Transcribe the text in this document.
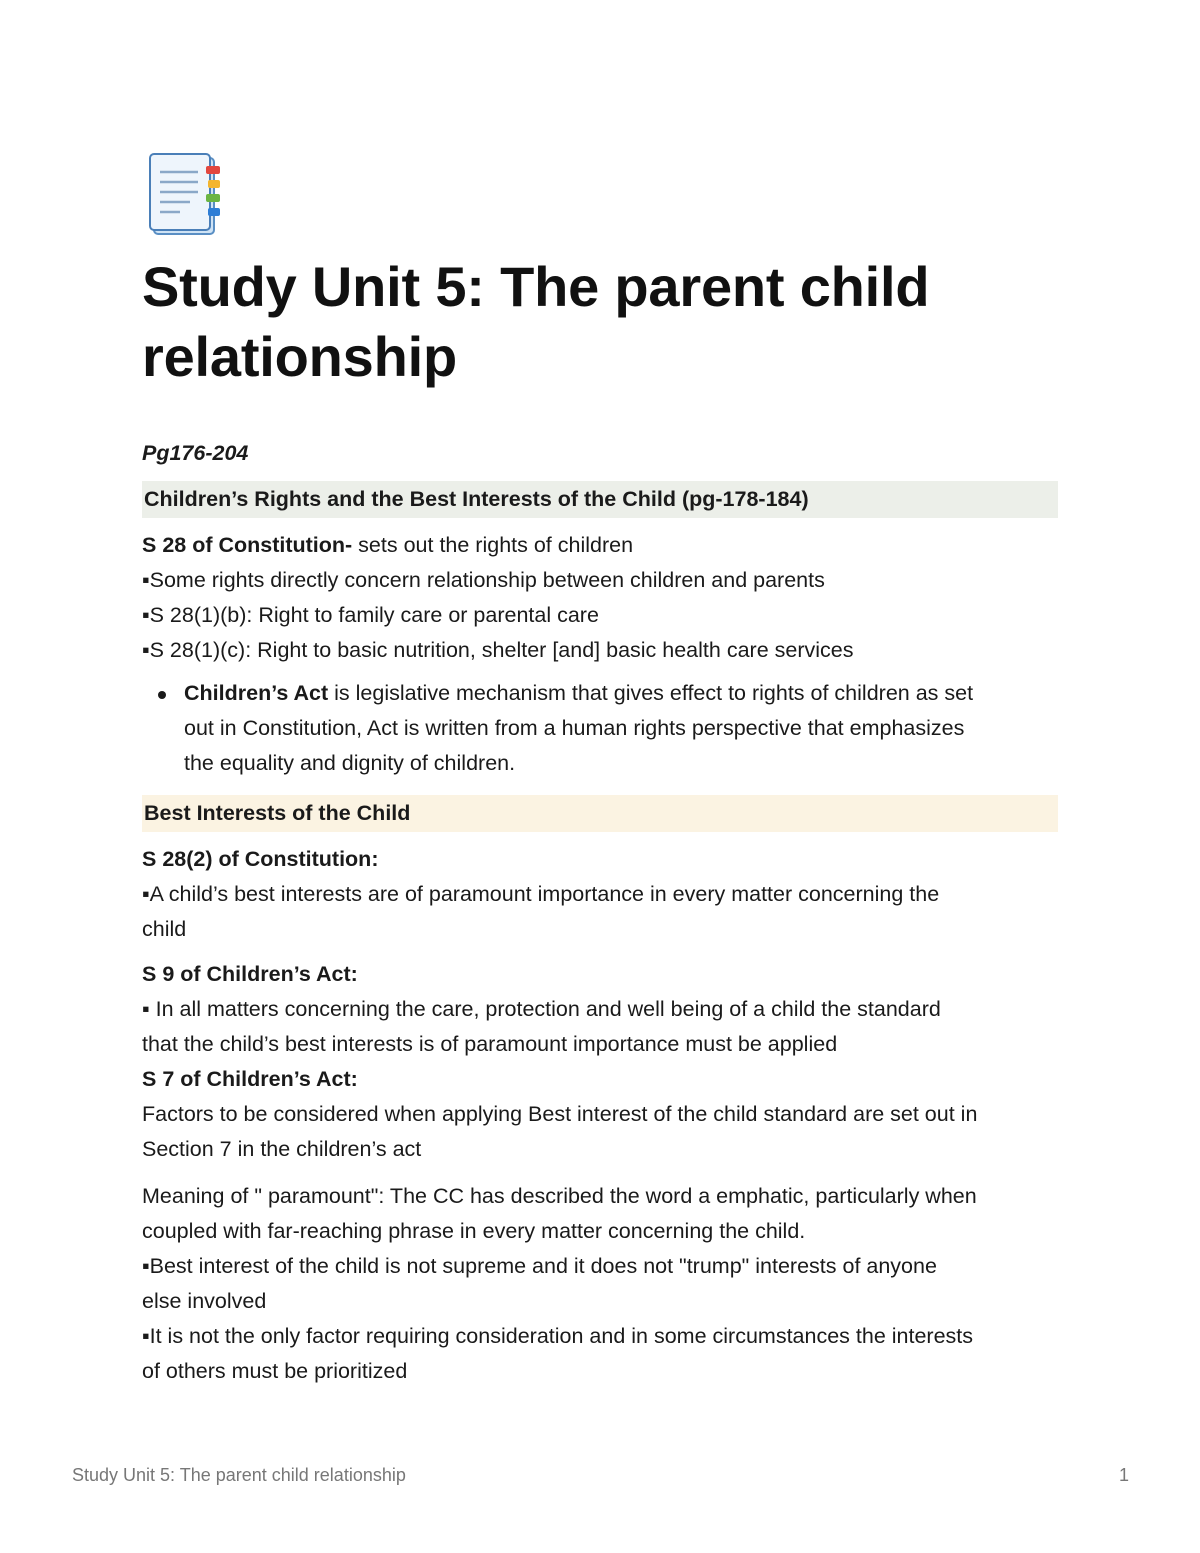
Study Unit 5: The parent child relationship
Pg176-204
Children’s Rights and the Best Interests of the Child (pg-178-184)
S 28 of Constitution- sets out the rights of children
▪Some rights directly concern relationship between children and parents
▪S 28(1)(b): Right to family care or parental care
▪S 28(1)(c): Right to basic nutrition, shelter [and] basic health care services
Children’s Act is legislative mechanism that gives effect to rights of children as set
out in Constitution, Act is written from a human rights perspective that emphasizes
the equality and dignity of children.
Best Interests of the Child
S 28(2) of Constitution:
▪A child’s best interests are of paramount importance in every matter concerning the
child
S 9 of Children’s Act:
▪ In all matters concerning the care, protection and well being of a child the standard
that the child’s best interests is of paramount importance must be applied
S 7 of Children’s Act:
Factors to be considered when applying Best interest of the child standard are set out in
Section 7 in the children’s act
Meaning of " paramount": The CC has described the word a emphatic, particularly when
coupled with far-reaching phrase in every matter concerning the child.
▪Best interest of the child is not supreme and it does not "trump" interests of anyone
else involved
▪It is not the only factor requiring consideration and in some circumstances the interests
of others must be prioritized
Study Unit 5: The parent child relationship	1
